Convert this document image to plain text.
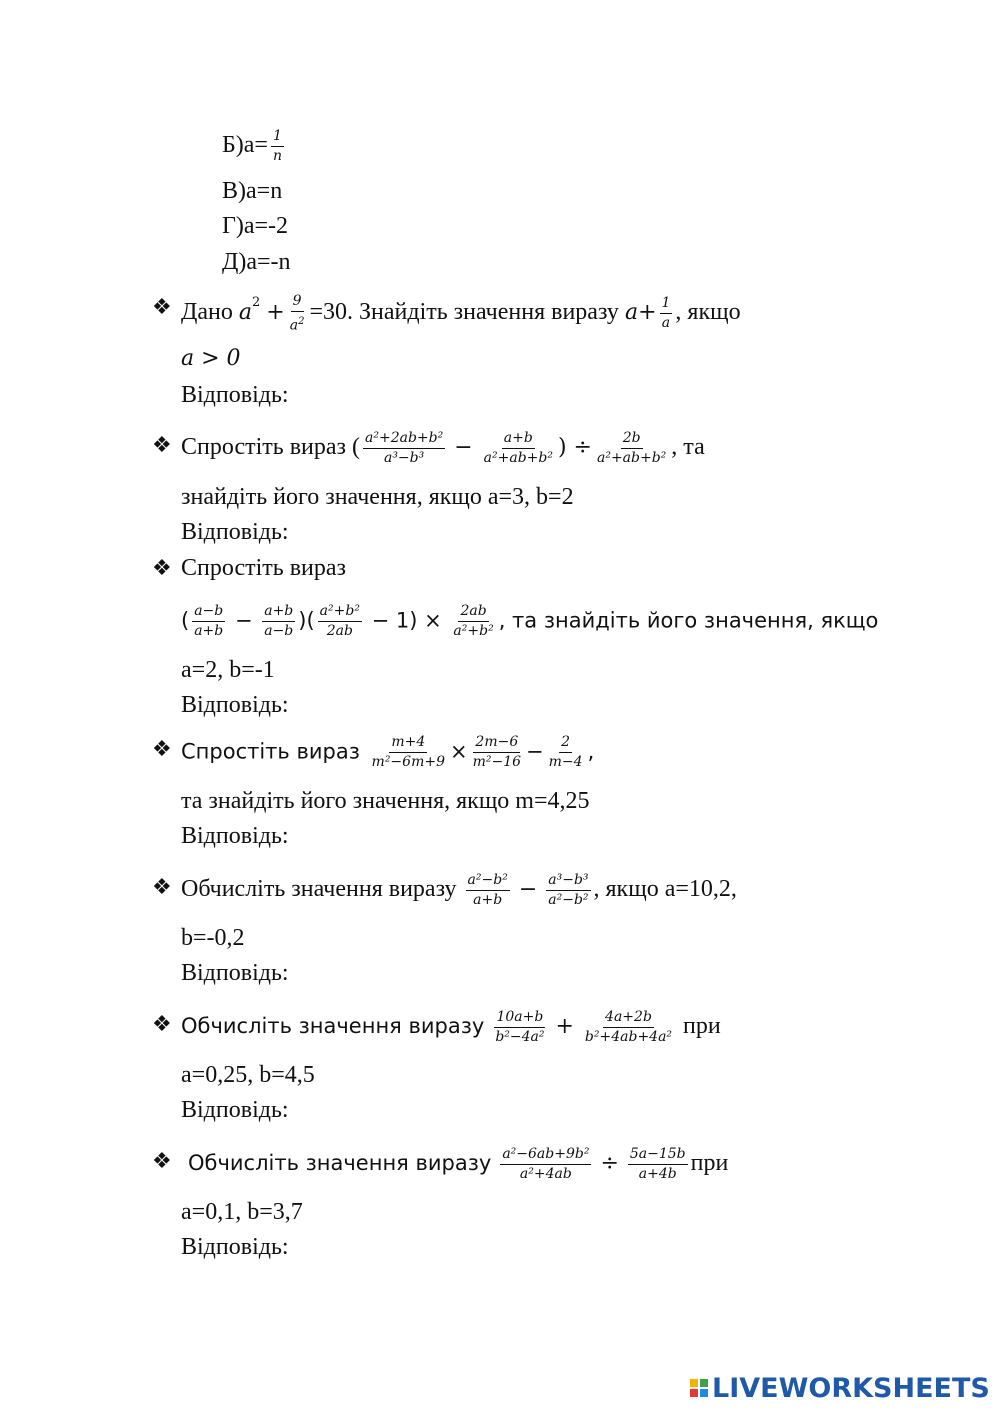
$Б)a= \frac{1}{n}$
В)a=n
Г)a=-2
Д)a=-n
❖ Дано $a^2 + \frac{9}{a^2} =30$. Знайдіть значення виразу $a+ \frac{1}{a}$ , якщо
a > 0
Відповідь:
❖ Спростіть вираз ( $\frac{\text{a²+2ab+b²}}{\text{a³−b³}} - \frac{a+b}{\text{a²+ab+b²}}$ ) ÷ $\frac{2b}{\text{a²+ab+b²}}$ , та
знайдіть його значення, якщо a=3, b=2
Відповідь:
❖ Спростіть вираз
( $\frac{a-b}{a+b} - \frac{a+b}{a-b}$ )( $\frac{\text{a²+b²}}{2ab} - 1) \times \frac{2ab}{\text{a²+b²}}$ , та знайдіть його значення, якщо
a=2, b=-1
Відповідь:
❖ Спростіть вираз $\frac{m+4}{\text{m²−6m+9}} \times \frac{2m-6}{\text{m²−16}} - \frac{2}{m-4}$ ,
та знайдіть його значення, якщо m=4,25
Відповідь:
❖ Обчисліть значення виразу $\frac{\text{a²−b²}}{a+b} - \frac{\text{a³−b³}}{\text{a²−b²}}$ , якщо a=10,2,
b=-0,2
Відповідь:
❖ Обчисліть значення виразу $\frac{10a+b}{\text{b²−4a²}} + \frac{4a+2b}{\text{b²+4ab+4a²}}$ при
a=0,25, b=4,5
Відповідь:
❖ Обчисліть значення виразу $\frac{\text{a²−6ab+9b²}}{\text{a²+4ab}} \div \frac{5a-15b}{a+4b}$ при
a=0,1, b=3,7
Відповідь:
LIVEWORKSHEETS
